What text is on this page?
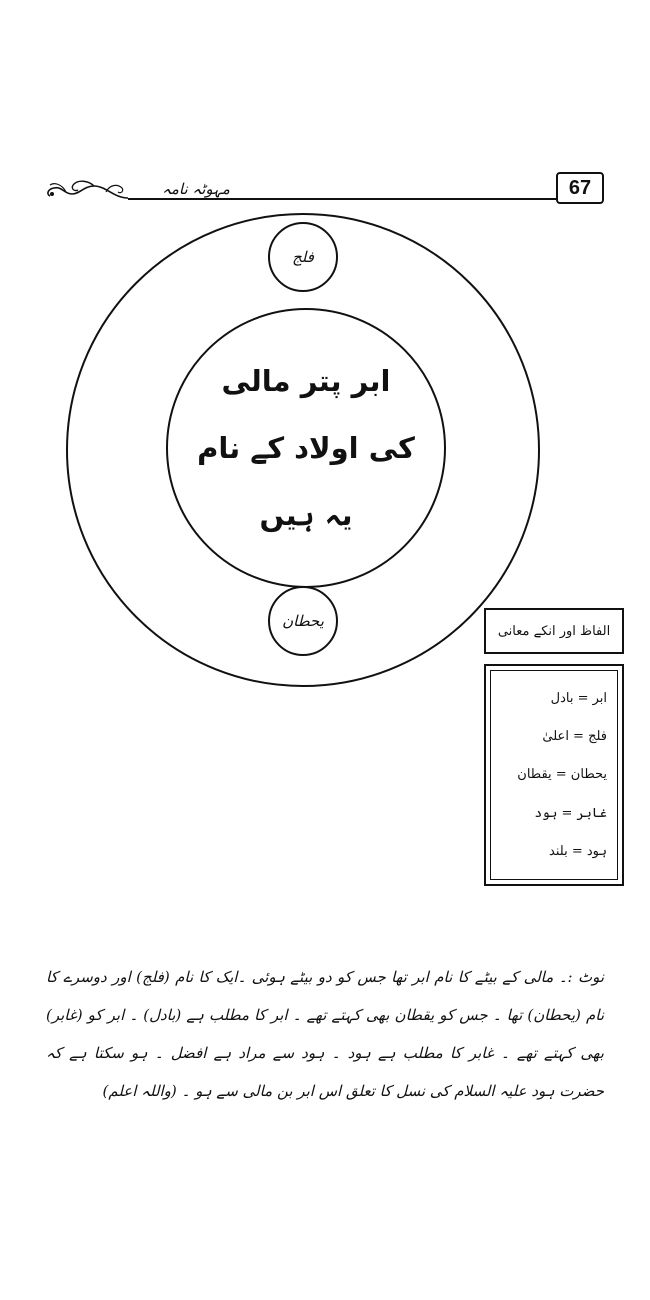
67
مہوٹہ نامہ
ابر پتر مالی
کی اولاد کے نام
یہ ہیں
فلج
یحطان
الفاظ اور انکے معانی
ابر = بادل
فلج = اعلیٰ
یحطان = یقطان
غابر = ہود
ہود = بلند
نوٹ :۔ مالی کے بیٹے کا نام ابر تھا جس کو دو بیٹے ہوئی ۔ایک کا نام (فلج) اور دوسرے کا نام (یحطان) تھا ۔ جس کو یقطان بھی کہتے تھے ۔ ابر کا مطلب ہے (بادل) ۔ ابر کو (غابر) بھی کہتے تھے ۔ غابر کا مطلب ہے ہود ۔ ہود سے مراد ہے افضل ۔ ہو سکتا ہے کہ حضرت ہود علیہ السلام کی نسل کا تعلق اس ابر بن مالی سے ہو ۔ (واللہ اعلم)
